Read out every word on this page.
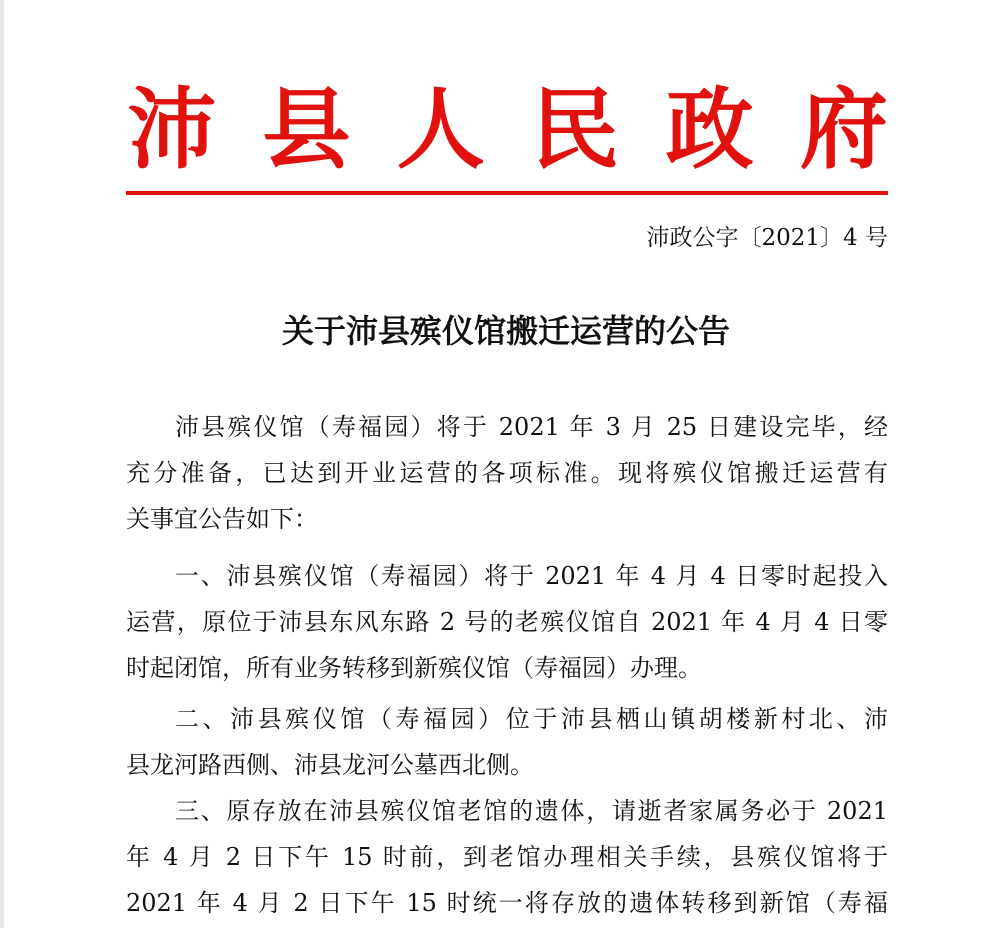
沛 县 人 民 政 府
沛政公字〔2021〕4 号
关于沛县殡仪馆搬迁运营的公告
沛县殡仪馆（寿福园）将于 2021 年 3 月 25 日建设完毕，经
充分准备，已达到开业运营的各项标准。现将殡仪馆搬迁运营有
关事宜公告如下：
一、沛县殡仪馆（寿福园）将于 2021 年 4 月 4 日零时起投入
运营，原位于沛县东风东路 2 号的老殡仪馆自 2021 年 4 月 4 日零
时起闭馆，所有业务转移到新殡仪馆（寿福园）办理。
二、沛县殡仪馆（寿福园）位于沛县栖山镇胡楼新村北、沛
县龙河路西侧、沛县龙河公墓西北侧。
三、原存放在沛县殡仪馆老馆的遗体，请逝者家属务必于 2021
年 4 月 2 日下午 15 时前，到老馆办理相关手续，县殡仪馆将于
2021 年 4 月 2 日下午 15 时统一将存放的遗体转移到新馆（寿福
